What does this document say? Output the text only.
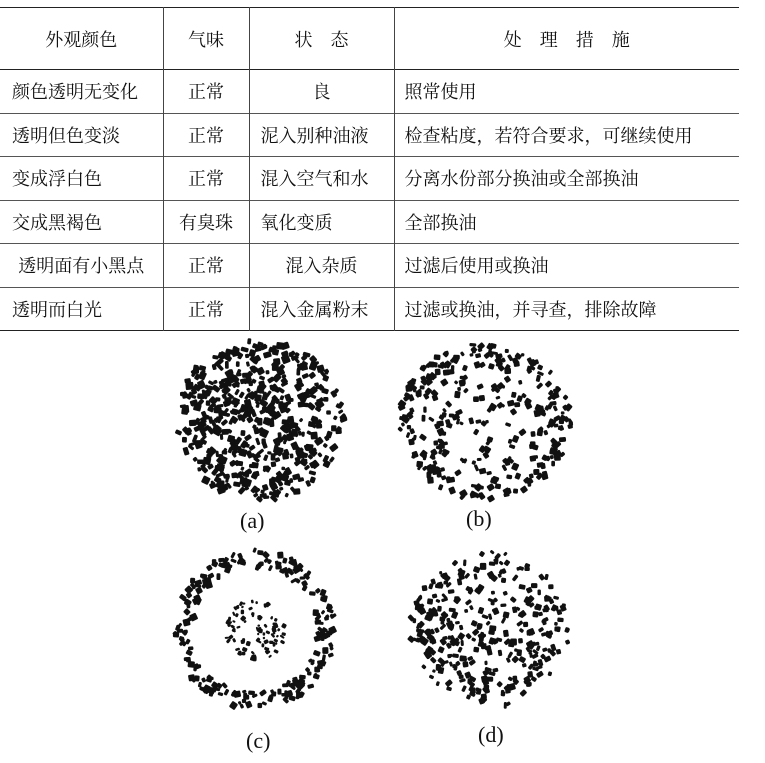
外观颜色	气味	状　态	处　理　措　施
颜色透明无变化	正常	良	照常使用
透明但色变淡	正常	泥入别种油液	检查粘度，若符合要求，可继续使用
变成浮白色	正常	混入空气和水	分离水份部分换油或全部换油
交成黑褐色	有臭珠	氧化变质	全部换油
透明面有小黑点	正常	混入杂质	过滤后使用或换油
透明而白光	正常	混入金属粉末	过滤或换油，并寻查，排除故障
(a)	(b)
(c)	(d)
